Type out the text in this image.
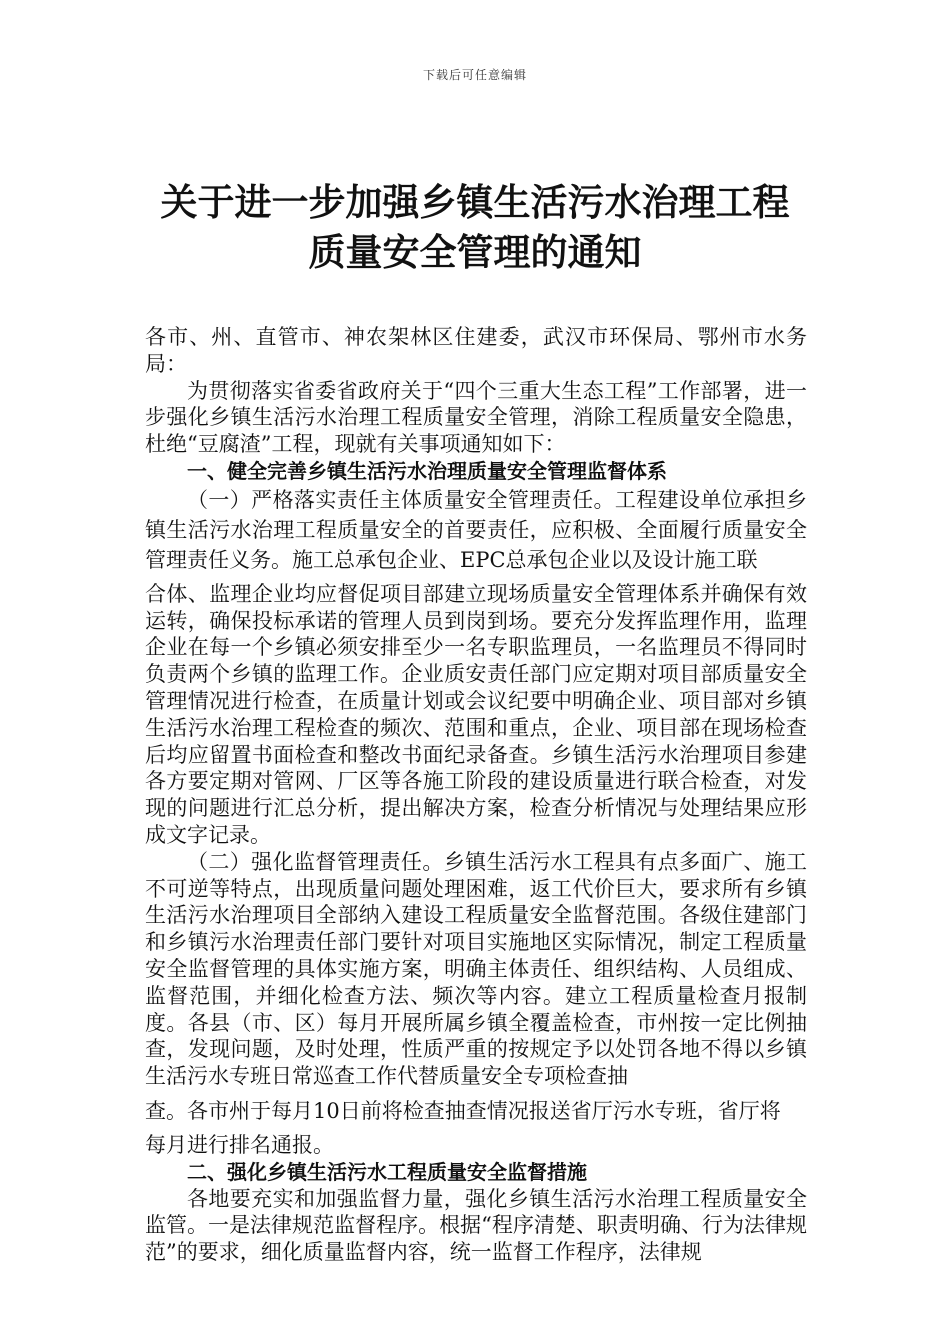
下载后可任意编辑
关于进一步加强乡镇生活污水治理工程质量安全管理的通知

各市、州、直管市、神农架林区住建委，武汉市环保局、鄂州市水务局：

为贯彻落实省委省政府关于“四个三重大生态工程”工作部署，进一步强化乡镇生活污水治理工程质量安全管理，消除工程质量安全隐患，杜绝“豆腐渣”工程，现就有关事项通知如下：

一、健全完善乡镇生活污水治理质量安全管理监督体系

（一）严格落实责任主体质量安全管理责任。工程建设单位承担乡镇生活污水治理工程质量安全的首要责任，应积极、全面履行质量安全管理责任义务。施工总承包企业、EPC总承包企业以及设计施工联

合体、监理企业均应督促项目部建立现场质量安全管理体系并确保有效运转，确保投标承诺的管理人员到岗到场。要充分发挥监理作用，监理企业在每一个乡镇必须安排至少一名专职监理员，一名监理员不得同时负责两个乡镇的监理工作。企业质安责任部门应定期对项目部质量安全管理情况进行检查，在质量计划或会议纪要中明确企业、项目部对乡镇生活污水治理工程检查的频次、范围和重点，企业、项目部在现场检查后均应留置书面检查和整改书面纪录备查。乡镇生活污水治理项目参建各方要定期对管网、厂区等各施工阶段的建设质量进行联合检查，对发现的问题进行汇总分析，提出解决方案，检查分析情况与处理结果应形成文字记录。

（二）强化监督管理责任。乡镇生活污水工程具有点多面广、施工不可逆等特点，出现质量问题处理困难，返工代价巨大，要求所有乡镇生活污水治理项目全部纳入建设工程质量安全监督范围。各级住建部门和乡镇污水治理责任部门要针对项目实施地区实际情况，制定工程质量安全监督管理的具体实施方案，明确主体责任、组织结构、人员组成、监督范围，并细化检查方法、频次等内容。建立工程质量检查月报制度。各县（市、区）每月开展所属乡镇全覆盖检查，市州按一定比例抽查，发现问题，及时处理，性质严重的按规定予以处罚各地不得以乡镇生活污水专班日常巡查工作代替质量安全专项检查抽

查。各市州于每月10日前将检查抽查情况报送省厅污水专班，省厅将

每月进行排名通报。

二、强化乡镇生活污水工程质量安全监督措施

各地要充实和加强监督力量，强化乡镇生活污水治理工程质量安全监管。一是法律规范监督程序。根据“程序清楚、职责明确、行为法律规范”的要求，细化质量监督内容，统一监督工作程序，法律规
